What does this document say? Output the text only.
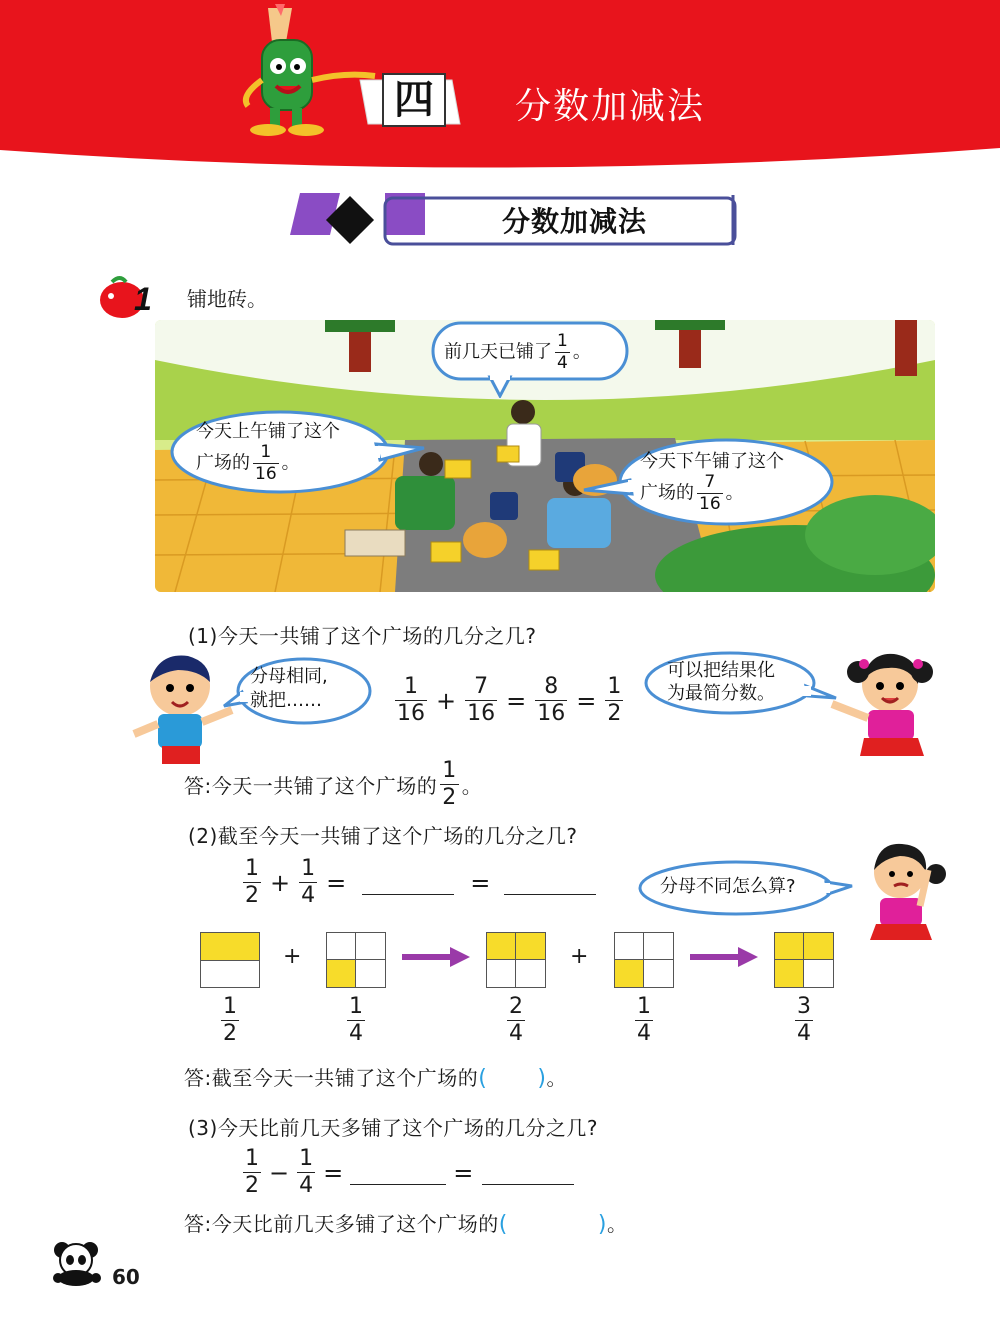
四	分数加减法
分数加减法
1 铺地砖。
前几天已铺了 $\frac{1}{4}$ 。
今天上午铺了这个
广场的 $\frac{1}{16}$ 。	今天下午铺了这个
广场的 $\frac{7}{16}$ 。
(1)今天一共铺了这个广场的几分之几?
分母相同,
就把……	$\frac{1}{16} + \frac{7}{16} = \frac{8}{16} = \frac{1}{2}$
可以把结果化
为最简分数。
答:今天一共铺了这个广场的 $\frac{1}{2}$ 。
(2)截至今天一共铺了这个广场的几分之几?
$\frac{1}{2} + \frac{1}{4}$ =	=	分母不同怎么算?
+	+
$\frac{1}{2}$	$\frac{1}{4}$	$\frac{2}{4}$	$\frac{1}{4}$	$\frac{3}{4}$
答:截至今天一共铺了这个广场的( )。
(3)今天比前几天多铺了这个广场的几分之几?
$\frac{1}{2} - \frac{1}{4}$ =	=
答:今天比前几天多铺了这个广场的(	)。
60
